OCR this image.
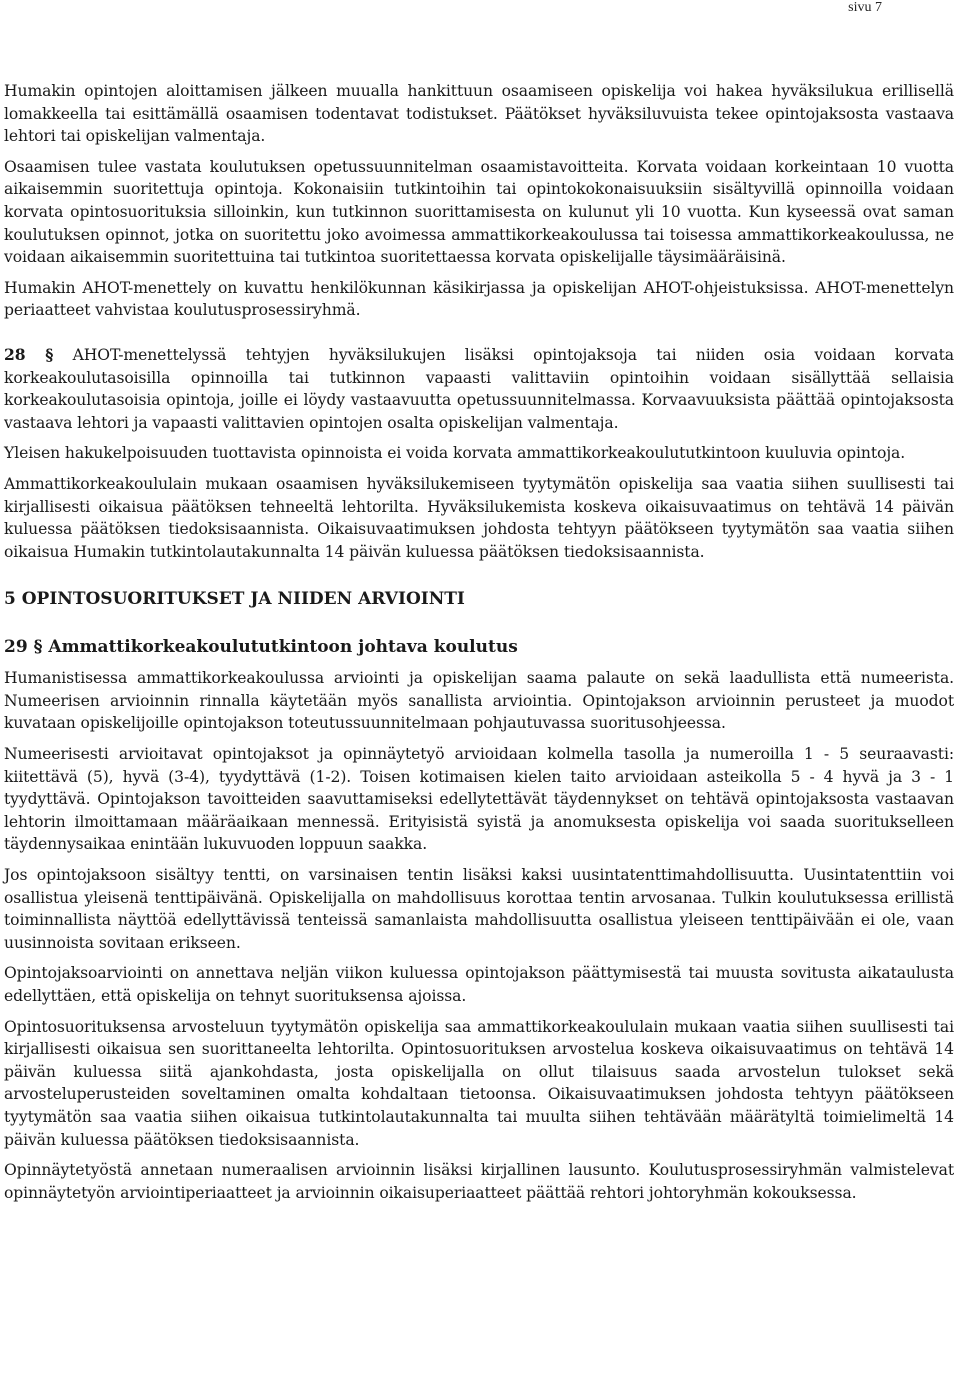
sivu 7

Humakin opintojen aloittamisen jälkeen muualla hankittuun osaamiseen opiskelija voi hakea hyväksilukua erillisellä lomakkeella tai esittämällä osaamisen todentavat todistukset. Päätökset hyväksiluvuista tekee opintojaksosta vastaava lehtori tai opiskelijan valmentaja.

Osaamisen tulee vastata koulutuksen opetussuunnitelman osaamistavoitteita. Korvata voidaan korkeintaan 10 vuotta aikaisemmin suoritettuja opintoja. Kokonaisiin tutkintoihin tai opintokokonaisuuksiin sisältyvillä opinnoilla voidaan korvata opintosuorituksia silloinkin, kun tutkinnon suorittamisesta on kulunut yli 10 vuotta. Kun kyseessä ovat saman koulutuksen opinnot, jotka on suoritettu joko avoimessa ammattikorkeakoulussa tai toisessa ammattikorkeakoulussa, ne voidaan aikaisemmin suoritettuina tai tutkintoa suoritettaessa korvata opiskelijalle täysimääräisinä.

Humakin AHOT-menettely on kuvattu henkilökunnan käsikirjassa ja opiskelijan AHOT-ohjeistuksissa. AHOT-menettelyn periaatteet vahvistaa koulutusprosessiryhmä.

28 § AHOT-menettelyssä tehtyjen hyväksilukujen lisäksi opintojaksoja tai niiden osia voidaan korvata korkeakoulutasoisilla opinnoilla tai tutkinnon vapaasti valittaviin opintoihin voidaan sisällyttää sellaisia korkeakoulutasoisia opintoja, joille ei löydy vastaavuutta opetussuunnitelmassa. Korvaavuuksista päättää opintojaksosta vastaava lehtori ja vapaasti valittavien opintojen osalta opiskelijan valmentaja.

Yleisen hakukelpoisuuden tuottavista opinnoista ei voida korvata ammattikorkeakoulututkintoon kuuluvia opintoja.

Ammattikorkeakoululain mukaan osaamisen hyväksilukemiseen tyytymätön opiskelija saa vaatia siihen suullisesti tai kirjallisesti oikaisua päätöksen tehneeltä lehtorilta. Hyväksilukemista koskeva oikaisuvaatimus on tehtävä 14 päivän kuluessa päätöksen tiedoksisaannista. Oikaisuvaatimuksen johdosta tehtyyn päätökseen tyytymätön saa vaatia siihen oikaisua Humakin tutkintolautakunnalta 14 päivän kuluessa päätöksen tiedoksisaannista.

5 OPINTOSUORITUKSET JA NIIDEN ARVIOINTI
29 § Ammattikorkeakoulututkintoon johtava koulutus

Humanistisessa ammattikorkeakoulussa arviointi ja opiskelijan saama palaute on sekä laadullista että numeerista. Numeerisen arvioinnin rinnalla käytetään myös sanallista arviointia. Opintojakson arvioinnin perusteet ja muodot kuvataan opiskelijoille opintojakson toteutussuunnitelmaan pohjautuvassa suoritusohjeessa.

Numeerisesti arvioitavat opintojaksot ja opinnäytetyö arvioidaan kolmella tasolla ja numeroilla 1 - 5 seuraavasti: kiitettävä (5), hyvä (3-4), tyydyttävä (1-2). Toisen kotimaisen kielen taito arvioidaan asteikolla 5 - 4 hyvä ja 3 - 1 tyydyttävä. Opintojakson tavoitteiden saavuttamiseksi edellytettävät täydennykset on tehtävä opintojaksosta vastaavan lehtorin ilmoittamaan määräaikaan mennessä. Erityisistä syistä ja anomuksesta opiskelija voi saada suoritukselleen täydennysaikaa enintään lukuvuoden loppuun saakka.

Jos opintojaksoon sisältyy tentti, on varsinaisen tentin lisäksi kaksi uusintatenttimahdollisuutta. Uusintatenttiin voi osallistua yleisenä tenttipäivänä. Opiskelijalla on mahdollisuus korottaa tentin arvosanaa. Tulkin koulutuksessa erillistä toiminnallista näyttöä edellyttävissä tenteissä samanlaista mahdollisuutta osallistua yleiseen tenttipäivään ei ole, vaan uusinnoista sovitaan erikseen.

Opintojaksoarviointi on annettava neljän viikon kuluessa opintojakson päättymisestä tai muusta sovitusta aikataulusta edellyttäen, että opiskelija on tehnyt suorituksensa ajoissa.

Opintosuorituksensa arvosteluun tyytymätön opiskelija saa ammattikorkeakoululain mukaan vaatia siihen suullisesti tai kirjallisesti oikaisua sen suorittaneelta lehtorilta. Opintosuorituksen arvostelua koskeva oikaisuvaatimus on tehtävä 14 päivän kuluessa siitä ajankohdasta, josta opiskelijalla on ollut tilaisuus saada arvostelun tulokset sekä arvosteluperusteiden soveltaminen omalta kohdaltaan tietoonsa. Oikaisuvaatimuksen johdosta tehtyyn päätökseen tyytymätön saa vaatia siihen oikaisua tutkintolautakunnalta tai muulta siihen tehtävään määrätyltä toimielimeltä 14 päivän kuluessa päätöksen tiedoksisaannista.

Opinnäytetyöstä annetaan numeraalisen arvioinnin lisäksi kirjallinen lausunto. Koulutusprosessiryhmän valmistelevat opinnäytetyön arviointiperiaatteet ja arvioinnin oikaisuperiaatteet päättää rehtori johtoryhmän kokouksessa.
